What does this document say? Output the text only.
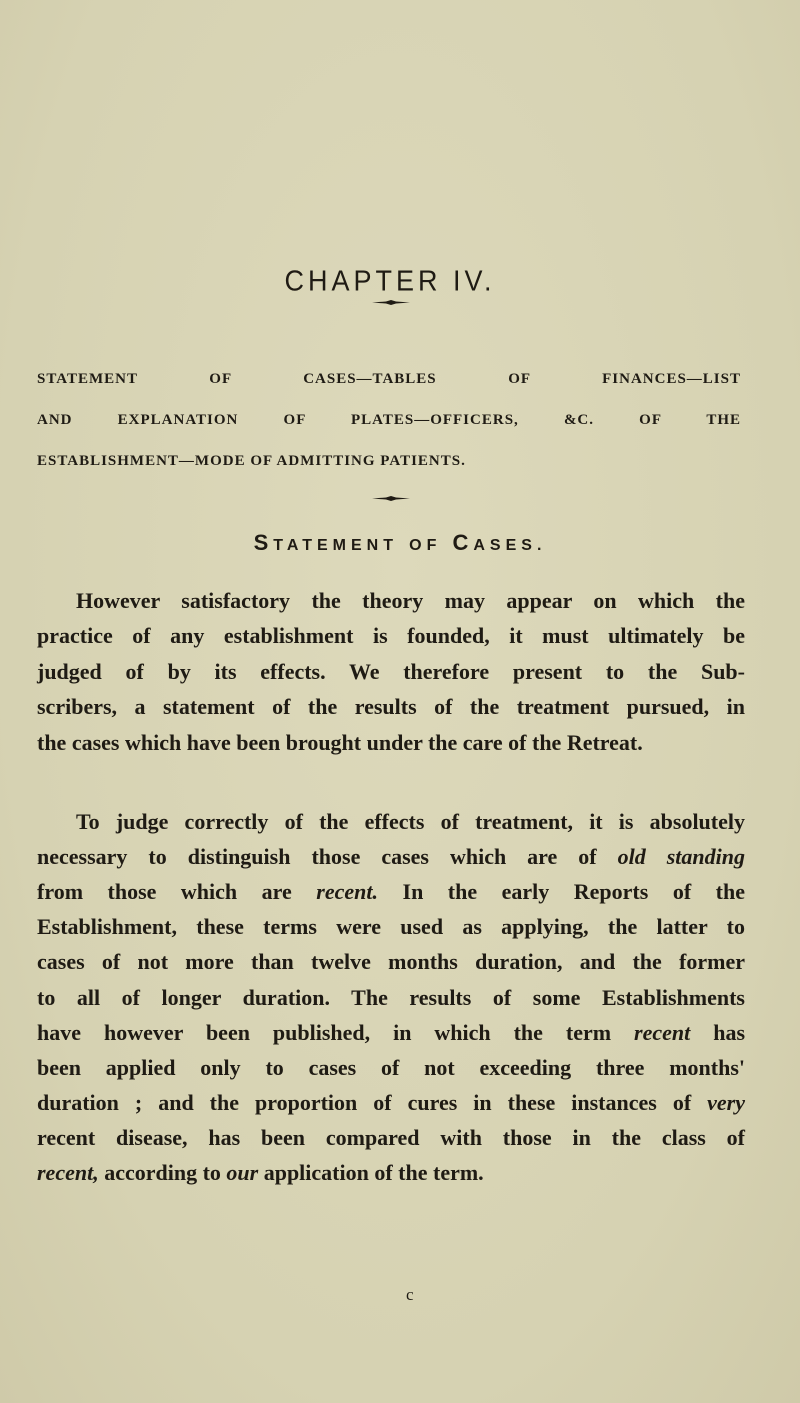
CHAPTER IV.
STATEMENT OF CASES—TABLES OF FINANCES—LIST
AND EXPLANATION OF PLATES—OFFICERS, &C. OF THE
ESTABLISHMENT—MODE OF ADMITTING PATIENTS.
STATEMENT OF CASES.
However satisfactory the theory may appear on which the
practice of any establishment is founded, it must ultimately be
judged of by its effects. We therefore present to the Sub-
scribers, a statement of the results of the treatment pursued, in
the cases which have been brought under the care of the Retreat.
To judge correctly of the effects of treatment, it is absolutely
necessary to distinguish those cases which are of old standing
from those which are recent. In the early Reports of the
Establishment, these terms were used as applying, the latter to
cases of not more than twelve months duration, and the former
to all of longer duration. The results of some Establishments
have however been published, in which the term recent has
been applied only to cases of not exceeding three months'
duration ; and the proportion of cures in these instances of very
recent disease, has been compared with those in the class of
recent, according to our application of the term.
c
